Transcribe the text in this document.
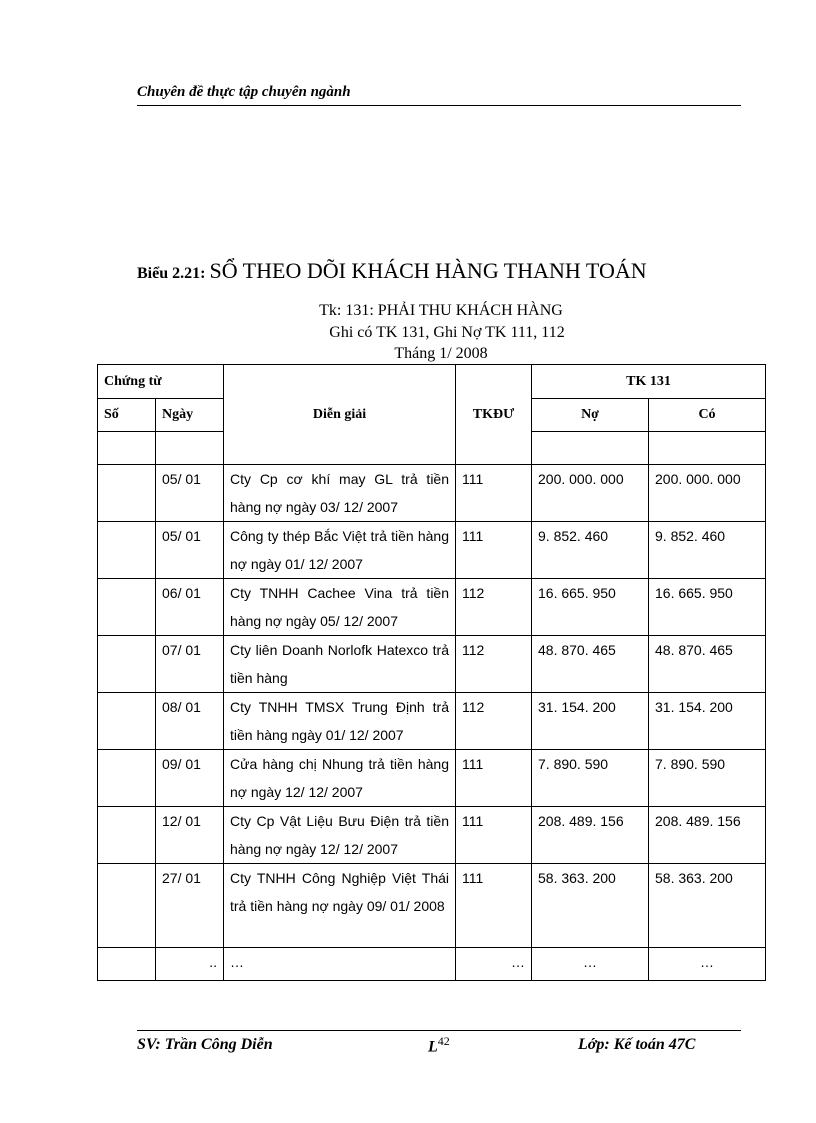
Chuyên đề thực tập chuyên ngành
Biểu 2.21: SỔ THEO DÕI KHÁCH HÀNG THANH TOÁN
Tk: 131: PHẢI THU KHÁCH HÀNG
Ghi có TK 131, Ghi Nợ TK 111, 112
Tháng 1/ 2008
Chứng từ		Diễn giải	TKĐƯ	TK 131	
Số	Ngày			Nợ	Có

	05/ 01	Cty Cp cơ khí may GL trả tiền hàng nợ ngày 03/ 12/ 2007	111	200. 000. 000	200. 000. 000
	05/ 01	Công ty thép Bắc Việt trả tiền hàng nợ ngày 01/ 12/ 2007	111	9. 852. 460	9. 852. 460
	06/ 01	Cty TNHH Cachee Vina trả tiền hàng nợ ngày 05/ 12/ 2007	112	16. 665. 950	16. 665. 950
	07/ 01	Cty liên Doanh Norlofk Hatexco trả tiền hàng	112	48. 870. 465	48. 870. 465
	08/ 01	Cty TNHH TMSX Trung Định trả tiền hàng ngày 01/ 12/ 2007	112	31. 154. 200	31. 154. 200
	09/ 01	Cửa hàng chị Nhung trả tiền hàng nợ ngày 12/ 12/ 2007	111	7. 890. 590	7. 890. 590
	12/ 01	Cty Cp Vật Liệu Bưu Điện trả tiền hàng nợ ngày 12/ 12/ 2007	111	208. 489. 156	208. 489. 156
	27/ 01	Cty TNHH Công Nghiệp Việt Thái trả tiền hàng nợ ngày 09/ 01/ 2008	111	58. 363. 200	58. 363. 200
	..	…	…	…	…
SV: Trần Công Diễn	$L^{42}$	Lớp: Kế toán 47C
